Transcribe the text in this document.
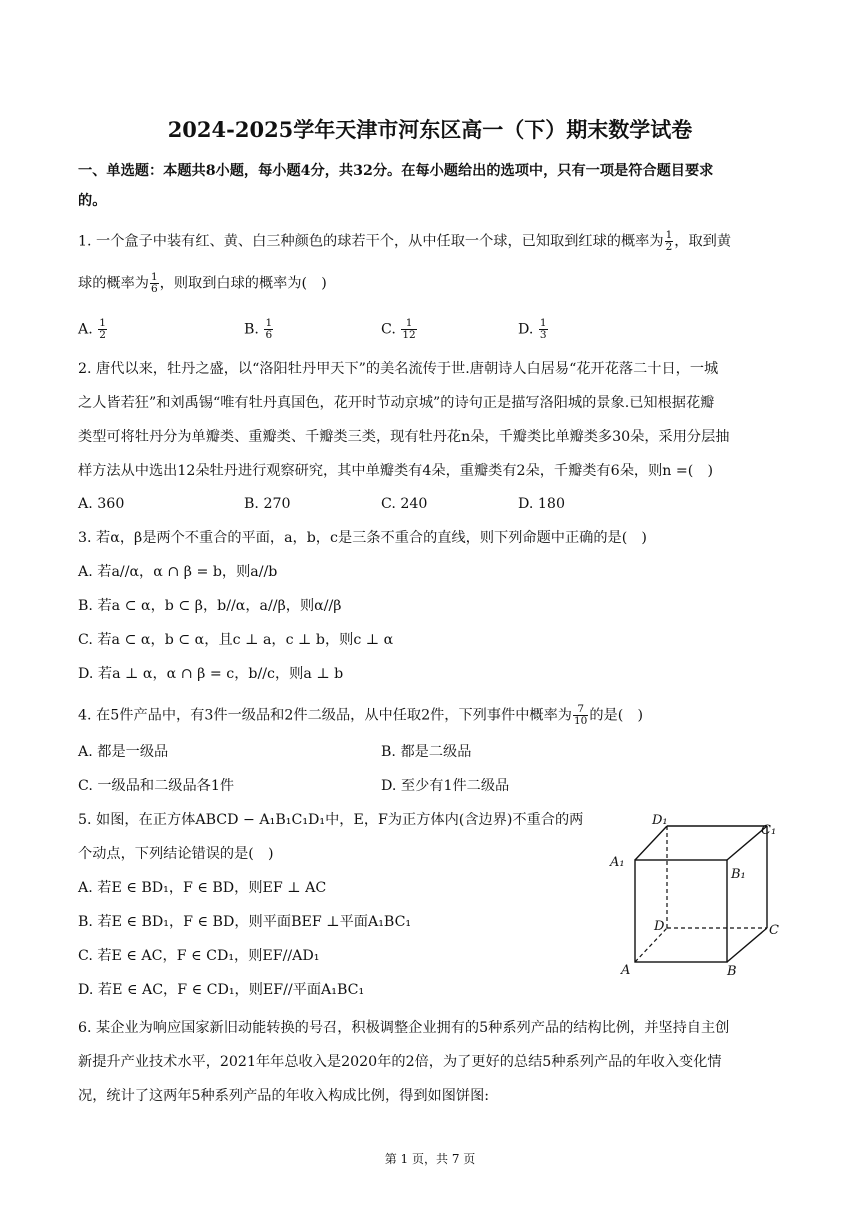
2024-2025学年天津市河东区高一（下）期末数学试卷
一、单选题：本题共8小题，每小题4分，共32分。在每小题给出的选项中，只有一项是符合题目要求
的。
1. 一个盒子中装有红、黄、白三种颜色的球若干个，从中任取一个球，已知取到红球的概率为 $\frac{1}{2}$ ，取到黄
球的概率为 $\frac{1}{6}$ ，则取到白球的概率为(　)
A. $\frac{1}{2}$	B. $\frac{1}{6}$	C. $\frac{1}{12}$	D. $\frac{1}{3}$
2. 唐代以来，牡丹之盛，以“洛阳牡丹甲天下”的美名流传于世.唐朝诗人白居易“花开花落二十日，一城
之人皆若狂”和刘禹锡“唯有牡丹真国色，花开时节动京城”的诗句正是描写洛阳城的景象.已知根据花瓣
类型可将牡丹分为单瓣类、重瓣类、千瓣类三类，现有牡丹花n朵，千瓣类比单瓣类多30朵，采用分层抽
样方法从中选出12朵牡丹进行观察研究，其中单瓣类有4朵，重瓣类有2朵，千瓣类有6朵，则n =(　)
A. 360	B. 270	C. 240	D. 180
3. 若α，β是两个不重合的平面，a，b，c是三条不重合的直线，则下列命题中正确的是(　)
A. 若a//α，α ∩ β = b，则a//b
B. 若a ⊂ α，b ⊂ β，b//α，a//β，则α//β
C. 若a ⊂ α，b ⊂ α，且c ⊥ a，c ⊥ b，则c ⊥ α
D. 若a ⊥ α，α ∩ β = c，b//c，则a ⊥ b
4. 在5件产品中，有3件一级品和2件二级品，从中任取2件，下列事件中概率为 $\frac{7}{10}$ 的是(　)
A. 都是一级品	B. 都是二级品
C. 一级品和二级品各1件	D. 至少有1件二级品
5. 如图，在正方体ABCD − A₁B₁C₁D₁中，E，F为正方体内(含边界)不重合的两
个动点，下列结论错误的是(　)
A. 若E ∈ BD₁，F ∈ BD，则EF ⊥ AC
B. 若E ∈ BD₁，F ∈ BD，则平面BEF ⊥平面A₁BC₁
C. 若E ∈ AC，F ∈ CD₁，则EF//AD₁
D. 若E ∈ AC，F ∈ CD₁，则EF//平面A₁BC₁
D₁
C₁
A₁
B₁
D	C
A	B
6. 某企业为响应国家新旧动能转换的号召，积极调整企业拥有的5种系列产品的结构比例，并坚持自主创
新提升产业技术水平，2021年年总收入是2020年的2倍，为了更好的总结5种系列产品的年收入变化情
况，统计了这两年5种系列产品的年收入构成比例，得到如图饼图:
第 1 页，共 7 页
